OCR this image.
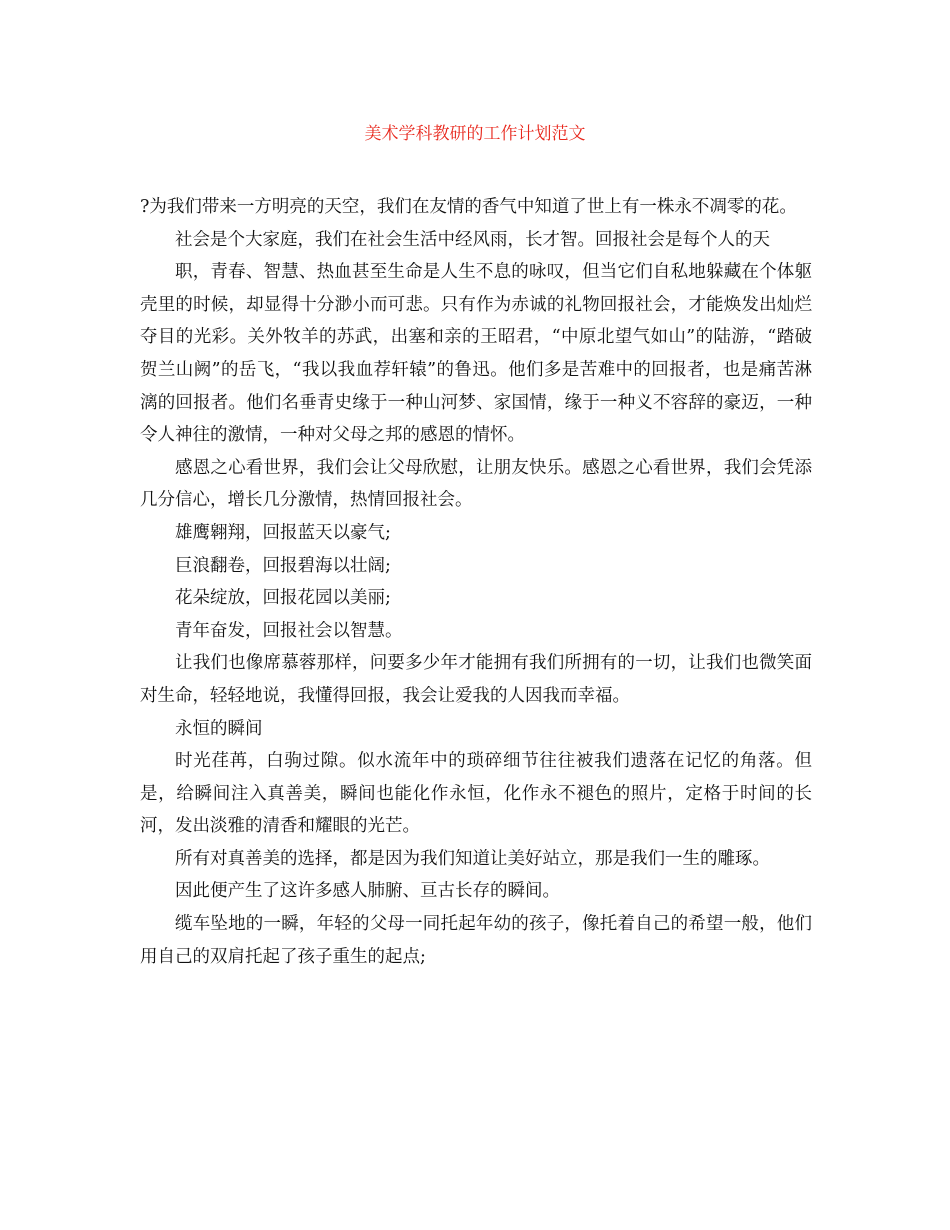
美术学科教研的工作计划范文

?为我们带来一方明亮的天空，我们在友情的香气中知道了世上有一株永不凋零的花。

社会是个大家庭，我们在社会生活中经风雨，长才智。回报社会是每个人的天

职，青春、智慧、热血甚至生命是人生不息的咏叹，但当它们自私地躲藏在个体躯壳里的时候，却显得十分渺小而可悲。只有作为赤诚的礼物回报社会，才能焕发出灿烂夺目的光彩。关外牧羊的苏武，出塞和亲的王昭君，“中原北望气如山”的陆游，“踏破贺兰山阙”的岳飞，“我以我血荐轩辕”的鲁迅。他们多是苦难中的回报者，也是痛苦淋漓的回报者。他们名垂青史缘于一种山河梦、家国情，缘于一种义不容辞的豪迈，一种令人神往的激情，一种对父母之邦的感恩的情怀。

感恩之心看世界，我们会让父母欣慰，让朋友快乐。感恩之心看世界，我们会凭添几分信心，增长几分激情，热情回报社会。

雄鹰翱翔，回报蓝天以豪气;

巨浪翻卷，回报碧海以壮阔;

花朵绽放，回报花园以美丽;

青年奋发，回报社会以智慧。

让我们也像席慕蓉那样，问要多少年才能拥有我们所拥有的一切，让我们也微笑面对生命，轻轻地说，我懂得回报，我会让爱我的人因我而幸福。

永恒的瞬间

时光荏苒，白驹过隙。似水流年中的琐碎细节往往被我们遗落在记忆的角落。但是，给瞬间注入真善美，瞬间也能化作永恒，化作永不褪色的照片，定格于时间的长河，发出淡雅的清香和耀眼的光芒。

所有对真善美的选择，都是因为我们知道让美好站立，那是我们一生的雕琢。

因此便产生了这许多感人肺腑、亘古长存的瞬间。

缆车坠地的一瞬，年轻的父母一同托起年幼的孩子，像托着自己的希望一般，他们用自己的双肩托起了孩子重生的起点;
